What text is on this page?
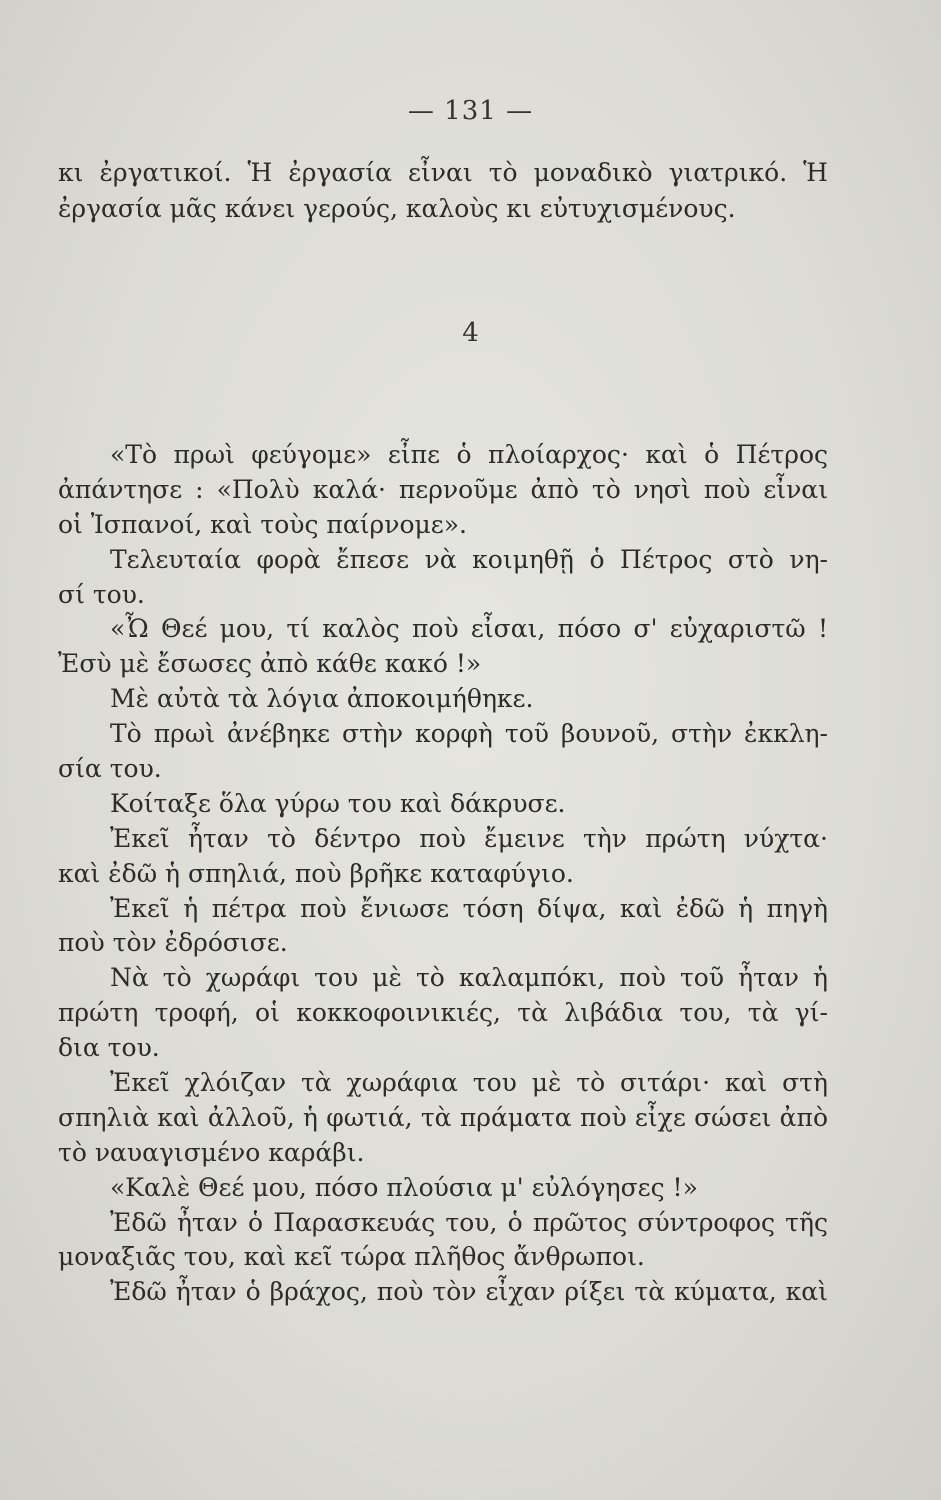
— 131 —
κι ἐργατικοί. Ἡ ἐργασία εἶναι τὸ μοναδικὸ γιατρικό. Ἡ
ἐργασία μᾶς κάνει γερούς, καλοὺς κι εὐτυχισμένους.
4
«Τὸ πρωὶ φεύγομε» εἶπε ὁ πλοίαρχος· καὶ ὁ Πέτρος
ἀπάντησε : «Πολὺ καλά· περνοῦμε ἀπὸ τὸ νησὶ ποὺ εἶναι
οἱ Ἰσπανοί, καὶ τοὺς παίρνομε».
Τελευταία φορὰ ἔπεσε νὰ κοιμηθῇ ὁ Πέτρος στὸ νη-
σί του.
«Ὦ Θεέ μου, τί καλὸς ποὺ εἶσαι, πόσο σ' εὐχαριστῶ !
Ἐσὺ μὲ ἔσωσες ἀπὸ κάθε κακό !»
Μὲ αὐτὰ τὰ λόγια ἀποκοιμήθηκε.
Τὸ πρωὶ ἀνέβηκε στὴν κορφὴ τοῦ βουνοῦ, στὴν ἐκκλη-
σία του.
Κοίταξε ὅλα γύρω του καὶ δάκρυσε.
Ἐκεῖ ἦταν τὸ δέντρο ποὺ ἔμεινε τὴν πρώτη νύχτα·
καὶ ἐδῶ ἡ σπηλιά, ποὺ βρῆκε καταφύγιο.
Ἐκεῖ ἡ πέτρα ποὺ ἔνιωσε τόση δίψα, καὶ ἐδῶ ἡ πηγὴ
ποὺ τὸν ἐδρόσισε.
Νὰ τὸ χωράφι του μὲ τὸ καλαμπόκι, ποὺ τοῦ ἦταν ἡ
πρώτη τροφή, οἱ κοκκοφοινικιές, τὰ λιβάδια του, τὰ γί-
δια του.
Ἐκεῖ χλόιζαν τὰ χωράφια του μὲ τὸ σιτάρι· καὶ στὴ
σπηλιὰ καὶ ἀλλοῦ, ἡ φωτιά, τὰ πράματα ποὺ εἶχε σώσει ἀπὸ
τὸ ναυαγισμένο καράβι.
«Καλὲ Θεέ μου, πόσο πλούσια μ' εὐλόγησες !»
Ἐδῶ ἦταν ὁ Παρασκευάς του, ὁ πρῶτος σύντροφος τῆς
μοναξιᾶς του, καὶ κεῖ τώρα πλῆθος ἄνθρωποι.
Ἐδῶ ἦταν ὁ βράχος, ποὺ τὸν εἶχαν ρίξει τὰ κύματα, καὶ
